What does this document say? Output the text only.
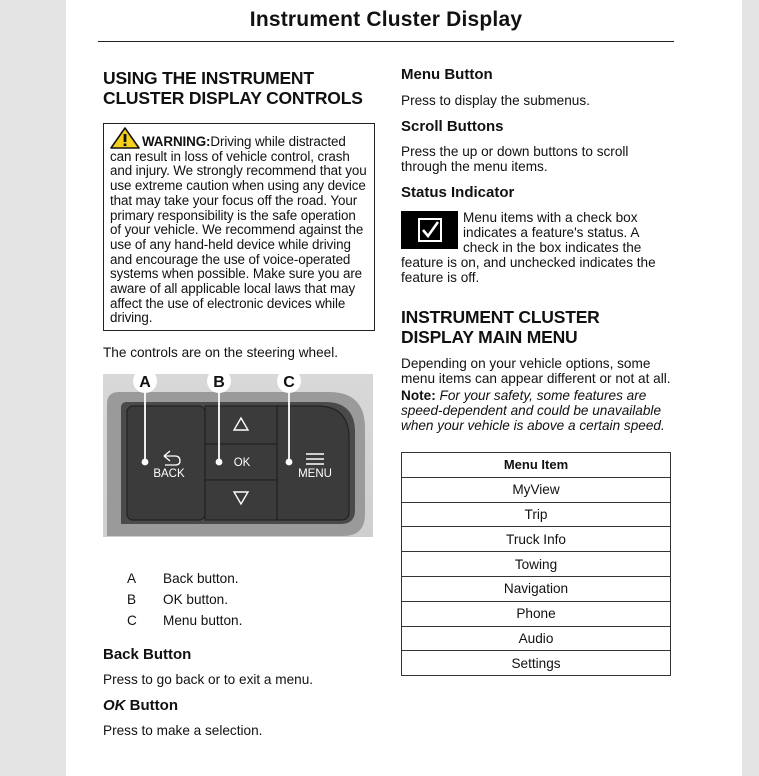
Instrument Cluster Display
USING THE INSTRUMENT
CLUSTER DISPLAY CONTROLS
WARNING:Driving while distracted can result in loss of vehicle control, crash and injury. We strongly recommend that you use extreme caution when using any device that may take your focus off the road. Your primary responsibility is the safe operation of your vehicle. We recommend against the use of any hand-held device while driving and encourage the use of voice-operated systems when possible. Make sure you are aware of all applicable local laws that may affect the use of electronic devices while driving.

The controls are on the steering wheel.

BACK
OK
MENU
A	B	C
A	Back button.
B	OK button.
C	Menu button.
Back Button

Press to go back or to exit a menu.

OK Button

Press to make a selection.

Menu Button

Press to display the submenus.

Scroll Buttons

Press the up or down buttons to scroll through the menu items.

Status Indicator

Menu items with a check box indicates a feature's status. A check in the box indicates the feature is on, and unchecked indicates the feature is off.

INSTRUMENT CLUSTER
DISPLAY MAIN MENU

Depending on your vehicle options, some menu items can appear different or not at all.

Note: For your safety, some features are speed-dependent and could be unavailable when your vehicle is above a certain speed.

Menu Item
MyView
Trip
Truck Info
Towing
Navigation
Phone
Audio
Settings
